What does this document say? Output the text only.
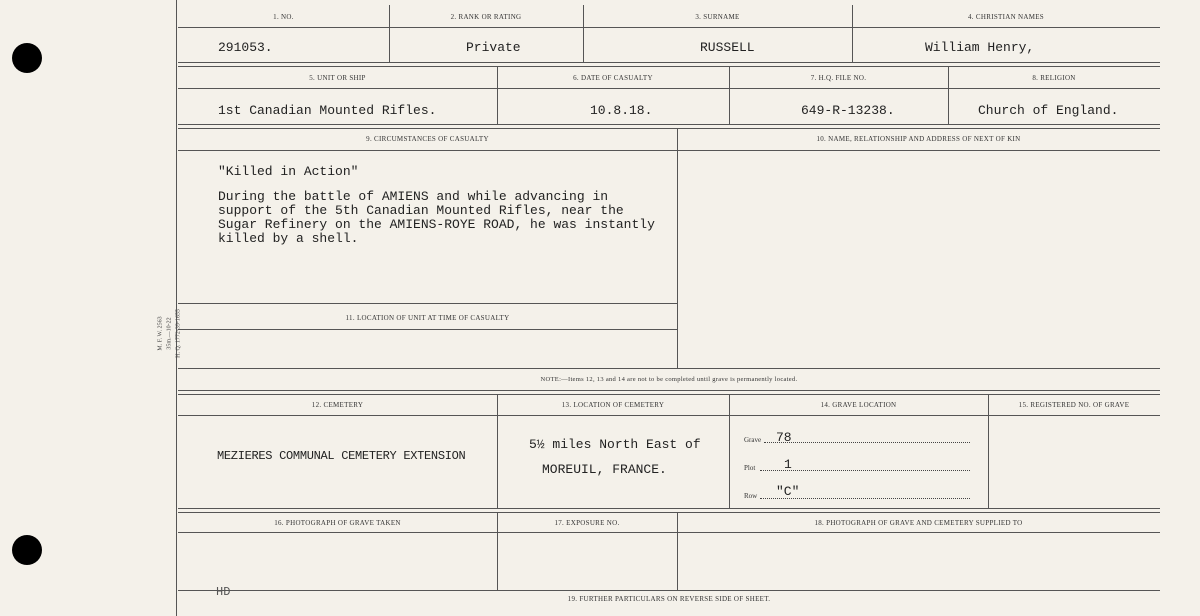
M. F. W. 2563 35m.—10-22 H. Q. 1772-39-1655
1. NO.	2. RANK OR RATING	3. SURNAME	4. CHRISTIAN NAMES
291053.	Private	RUSSELL	William Henry,
5. UNIT OR SHIP	6. DATE OF CASUALTY	7. H.Q. FILE NO.	8. RELIGION
1st Canadian Mounted Rifles.	10.8.18.	649-R-13238.	Church of England.
9. CIRCUMSTANCES OF CASUALTY	10. NAME, RELATIONSHIP AND ADDRESS OF NEXT OF KIN
"Killed in Action"
During the battle of AMIENS and while advancing in
support of the 5th Canadian Mounted Rifles, near the
Sugar Refinery on the AMIENS-ROYE ROAD, he was instantly
killed by a shell.
11. LOCATION OF UNIT AT TIME OF CASUALTY
NOTE:—Items 12, 13 and 14 are not to be completed until grave is permanently located.
12. CEMETERY	13. LOCATION OF CEMETERY	14. GRAVE LOCATION	15. REGISTERED NO. OF GRAVE
MEZIERES COMMUNAL CEMETERY EXTENSION
5½ miles North East of
MOREUIL, FRANCE.
Grave 78
Plot 1
Row "C"
16. PHOTOGRAPH OF GRAVE TAKEN	17. EXPOSURE NO.	18. PHOTOGRAPH OF GRAVE AND CEMETERY SUPPLIED TO
HD	19. FURTHER PARTICULARS ON REVERSE SIDE OF SHEET.
